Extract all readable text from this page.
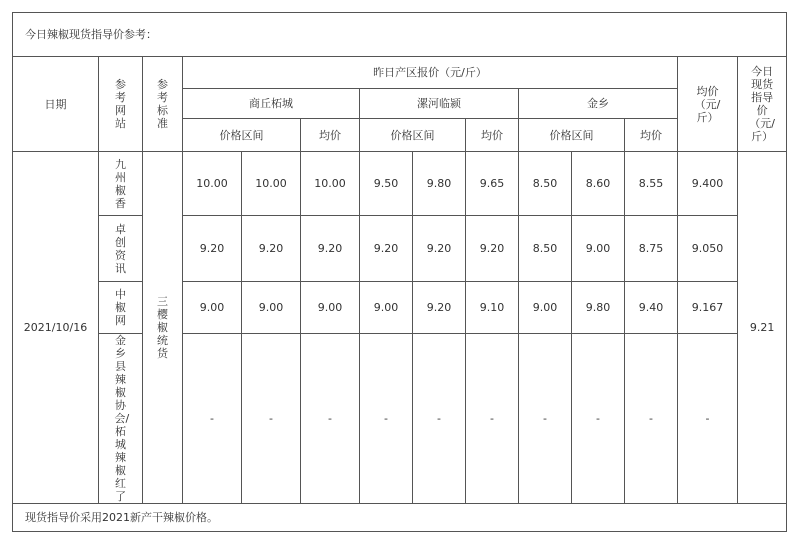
今日辣椒现货指导价参考：													
日期	参考网站	参考标准	昨日产区报价（元/斤）									均价（元/斤）	今日现货指导价（元/斤）
			商丘柘城			漯河临颍			金乡				
			价格区间		均价	价格区间		均价	价格区间		均价		
2021/10/16	九州椒香	三樱椒统货	10.00	10.00	10.00	9.50	9.80	9.65	8.50	8.60	8.55	9.400	9.21
	卓创资讯		9.20	9.20	9.20	9.20	9.20	9.20	8.50	9.00	8.75	9.050	
	中椒网		9.00	9.00	9.00	9.00	9.20	9.10	9.00	9.80	9.40	9.167	
	金乡县辣椒协会/柘城辣椒红了		-	-	-	-	-	-	-	-	-	-	
现货指导价采用2021新产干辣椒价格。													
